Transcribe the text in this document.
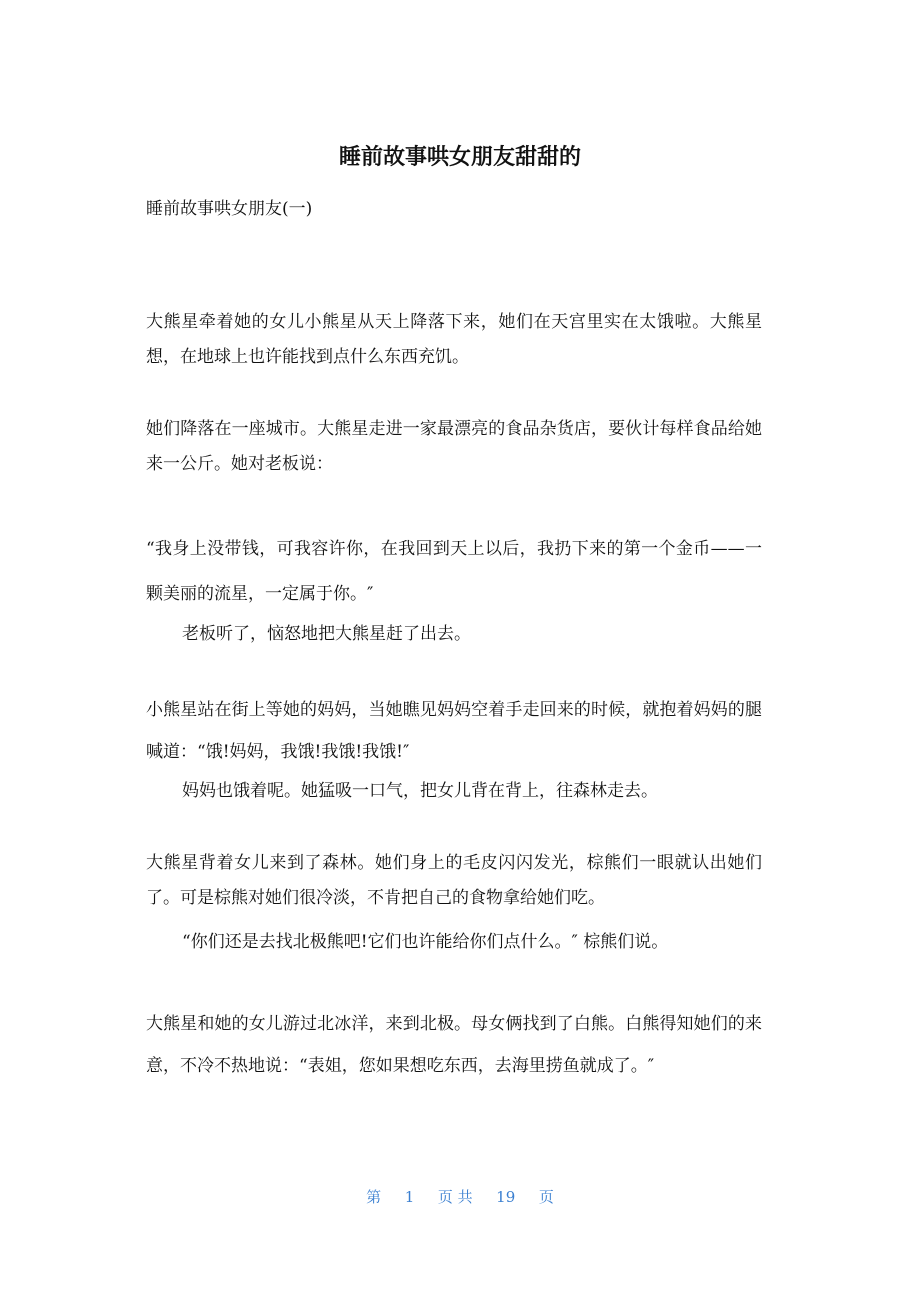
睡前故事哄女朋友甜甜的
睡前故事哄女朋友(一)

大熊星牵着她的女儿小熊星从天上降落下来，她们在天宫里实在太饿啦。大熊星想，在地球上也许能找到点什么东西充饥。

她们降落在一座城市。大熊星走进一家最漂亮的食品杂货店，要伙计每样食品给她来一公斤。她对老板说：

“我身上没带钱，可我容许你，在我回到天上以后，我扔下来的第一个金币——一颗美丽的流星，一定属于你。″

老板听了，恼怒地把大熊星赶了出去。

小熊星站在街上等她的妈妈，当她瞧见妈妈空着手走回来的时候，就抱着妈妈的腿喊道：“饿!妈妈，我饿!我饿!我饿!″

妈妈也饿着呢。她猛吸一口气，把女儿背在背上，往森林走去。

大熊星背着女儿来到了森林。她们身上的毛皮闪闪发光，棕熊们一眼就认出她们了。可是棕熊对她们很冷淡，不肯把自己的食物拿给她们吃。

“你们还是去找北极熊吧!它们也许能给你们点什么。″ 棕熊们说。

大熊星和她的女儿游过北冰洋，来到北极。母女俩找到了白熊。白熊得知她们的来意，不冷不热地说：“表姐，您如果想吃东西，去海里捞鱼就成了。″

第 1 页 共 19 页
